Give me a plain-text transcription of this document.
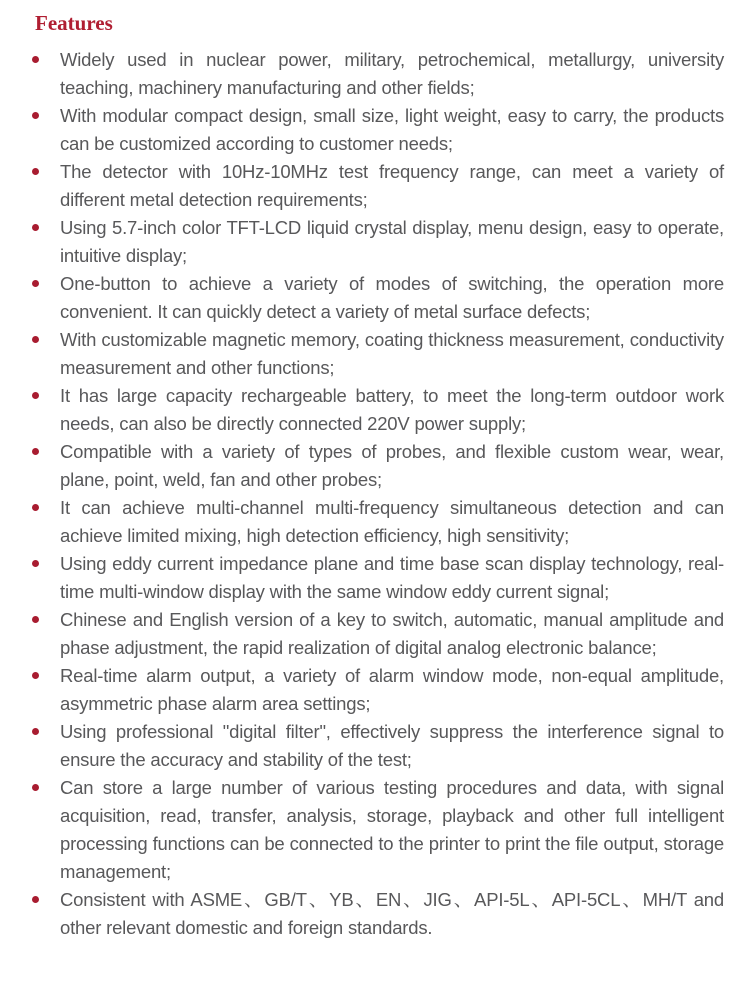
Features
Widely used in nuclear power, military, petrochemical, metallurgy, university teaching, machinery manufacturing and other fields;
With modular compact design, small size, light weight, easy to carry, the products can be customized according to customer needs;
The detector with 10Hz-10MHz test frequency range, can meet a variety of different metal detection requirements;
Using 5.7-inch color TFT-LCD liquid crystal display, menu design, easy to operate, intuitive display;
One-button to achieve a variety of modes of switching, the operation more convenient. It can quickly detect a variety of metal surface defects;
With customizable magnetic memory, coating thickness measurement, conductivity measurement and other functions;
It has large capacity rechargeable battery, to meet the long-term outdoor work needs, can also be directly connected 220V power supply;
Compatible with a variety of types of probes, and flexible custom wear, wear, plane, point, weld, fan and other probes;
It can achieve multi-channel multi-frequency simultaneous detection and can achieve limited mixing, high detection efficiency, high sensitivity;
Using eddy current impedance plane and time base scan display technology, real-time multi-window display with the same window eddy current signal;
Chinese and English version of a key to switch, automatic, manual amplitude and phase adjustment, the rapid realization of digital analog electronic balance;
Real-time alarm output, a variety of alarm window mode, non-equal amplitude, asymmetric phase alarm area settings;
Using professional "digital filter", effectively suppress the interference signal to ensure the accuracy and stability of the test;
Can store a large number of various testing procedures and data, with signal acquisition, read, transfer, analysis, storage, playback and other full intelligent processing functions can be connected to the printer to print the file output, storage management;
Consistent with ASME、GB/T、YB、EN、JIG、API-5L、API-5CL、MH/T and other relevant domestic and foreign standards.
